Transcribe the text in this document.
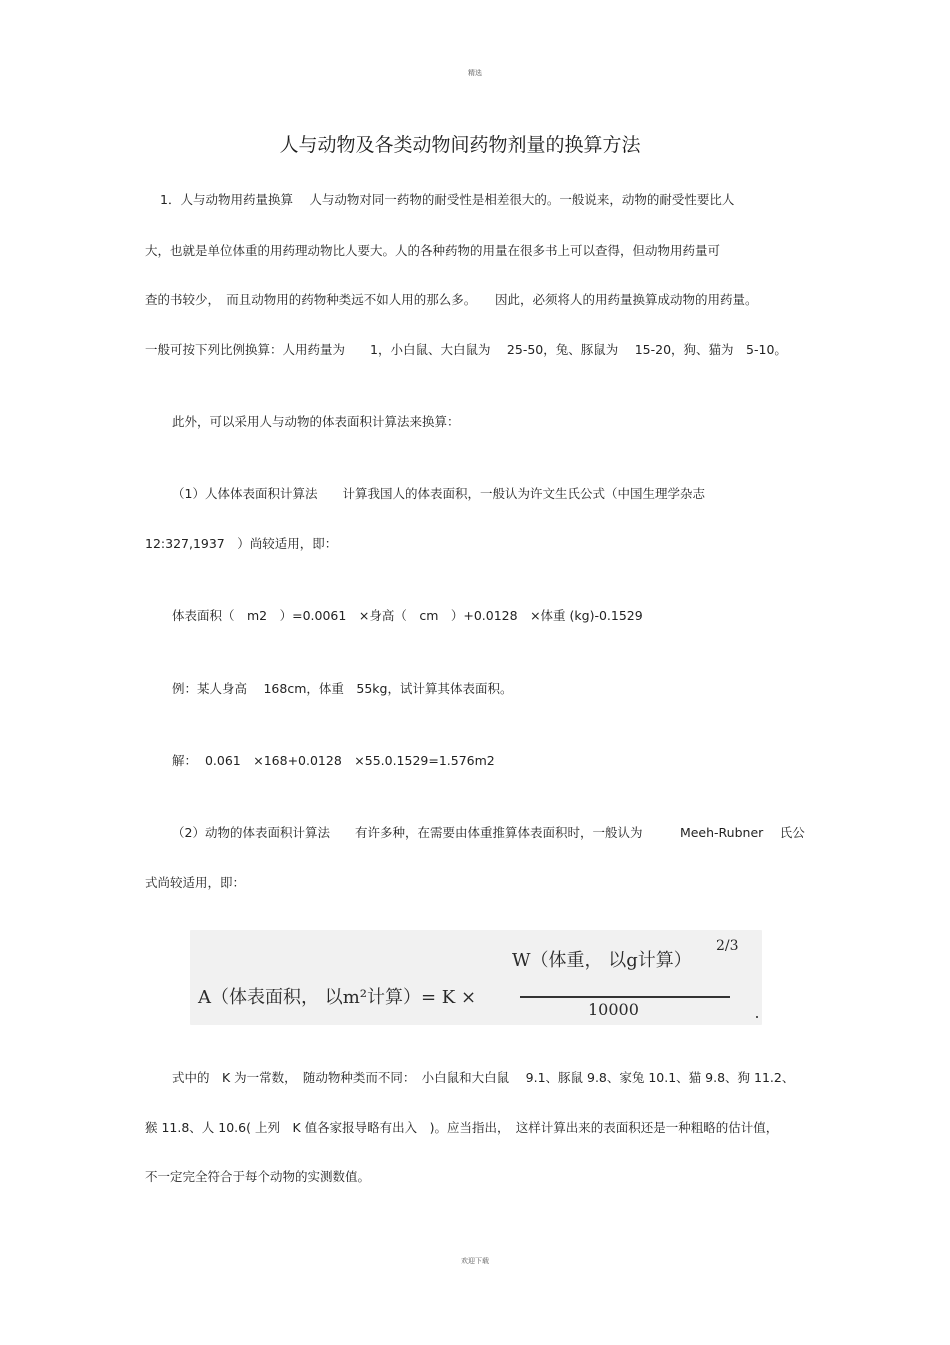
精选
人与动物及各类动物间药物剂量的换算方法
1．人与动物用药量换算　 人与动物对同一药物的耐受性是相差很大的。一般说来，动物的耐受性要比人
大，也就是单位体重的用药理动物比人要大。人的各种药物的用量在很多书上可以查得，但动物用药量可
查的书较少，　而且动物用的药物种类远不如人用的那么多。　　因此，必须将人的用药量换算成动物的用药量。
一般可按下列比例换算：人用药量为　　1，小白鼠、大白鼠为　 25-50，兔、豚鼠为　 15-20，狗、猫为　5-10。
此外，可以采用人与动物的体表面积计算法来换算：
（1）人体体表面积计算法　　计算我国人的体表面积，一般认为许文生氏公式（中国生理学杂志
12:327,1937　）尚较适用，即：
体表面积（　m2　）=0.0061　×身高（　cm　）+0.0128　×体重 (kg)-0.1529
例：某人身高　 168cm，体重　55kg，试计算其体表面积。
解：  0.061　×168+0.0128　×55.0.1529=1.576m2
（2）动物的体表面积计算法　　有许多种，在需要由体重推算体表面积时，一般认为　　　Meeh-Rubner　 氏公
式尚较适用，即：
W（体重， 以g计算）
2/3
A（体表面积， 以m²计算）= K ×
10000
式中的　K 为一常数，　随动物种类而不同：　小白鼠和大白鼠　 9.1、豚鼠 9.8、家兔 10.1、猫 9.8、狗 11.2、
猴 11.8、人 10.6( 上列　K 值各家报导略有出入　)。应当指出，　这样计算出来的表面积还是一种粗略的估计值，
不一定完全符合于每个动物的实测数值。
欢迎下载
